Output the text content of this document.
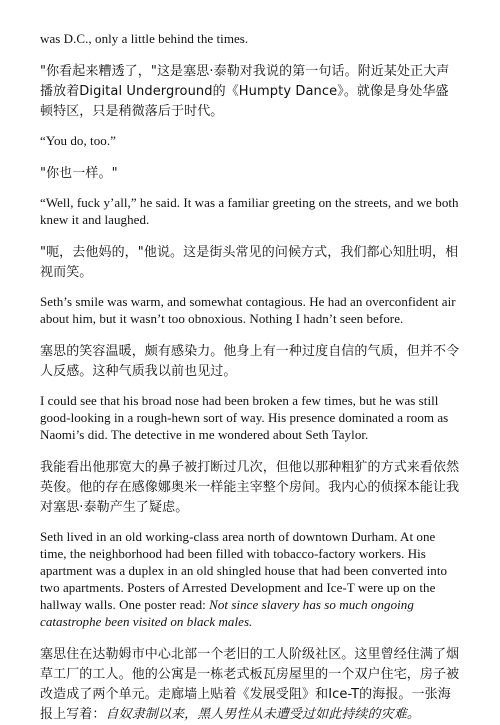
was D.C., only a little behind the times.

"你看起来糟透了，"这是塞思·泰勒对我说的第一句话。附近某处正大声播放着Digital Underground的《Humpty Dance》。就像是身处华盛顿特区，只是稍微落后于时代。

“You do, too.”

"你也一样。"

“Well, fuck y’all,” he said. It was a familiar greeting on the streets, and we both knew it and laughed.

"呃，去他妈的，"他说。这是街头常见的问候方式，我们都心知肚明，相视而笑。

Seth’s smile was warm, and somewhat contagious. He had an overconfident air about him, but it wasn’t too obnoxious. Nothing I hadn’t seen before.

塞思的笑容温暖，颇有感染力。他身上有一种过度自信的气质，但并不令人反感。这种气质我以前也见过。

I could see that his broad nose had been broken a few times, but he was still good-looking in a rough-hewn sort of way. His presence dominated a room as Naomi’s did. The detective in me wondered about Seth Taylor.

我能看出他那宽大的鼻子被打断过几次，但他以那种粗犷的方式来看依然英俊。他的存在感像娜奥米一样能主宰整个房间。我内心的侦探本能让我对塞思·泰勒产生了疑虑。

Seth lived in an old working-class area north of downtown Durham. At one time, the neighborhood had been filled with tobacco-factory workers. His apartment was a duplex in an old shingled house that had been converted into two apartments. Posters of Arrested Development and Ice-T were up on the hallway walls. One poster read: Not since slavery has so much ongoing catastrophe been visited on black males.

塞思住在达勒姆市中心北部一个老旧的工人阶级社区。这里曾经住满了烟草工厂的工人。他的公寓是一栋老式板瓦房屋里的一个双户住宅，房子被改造成了两个单元。走廊墙上贴着《发展受阻》和Ice-T的海报。一张海报上写着：自奴隶制以来，黑人男性从未遭受过如此持续的灾难。
